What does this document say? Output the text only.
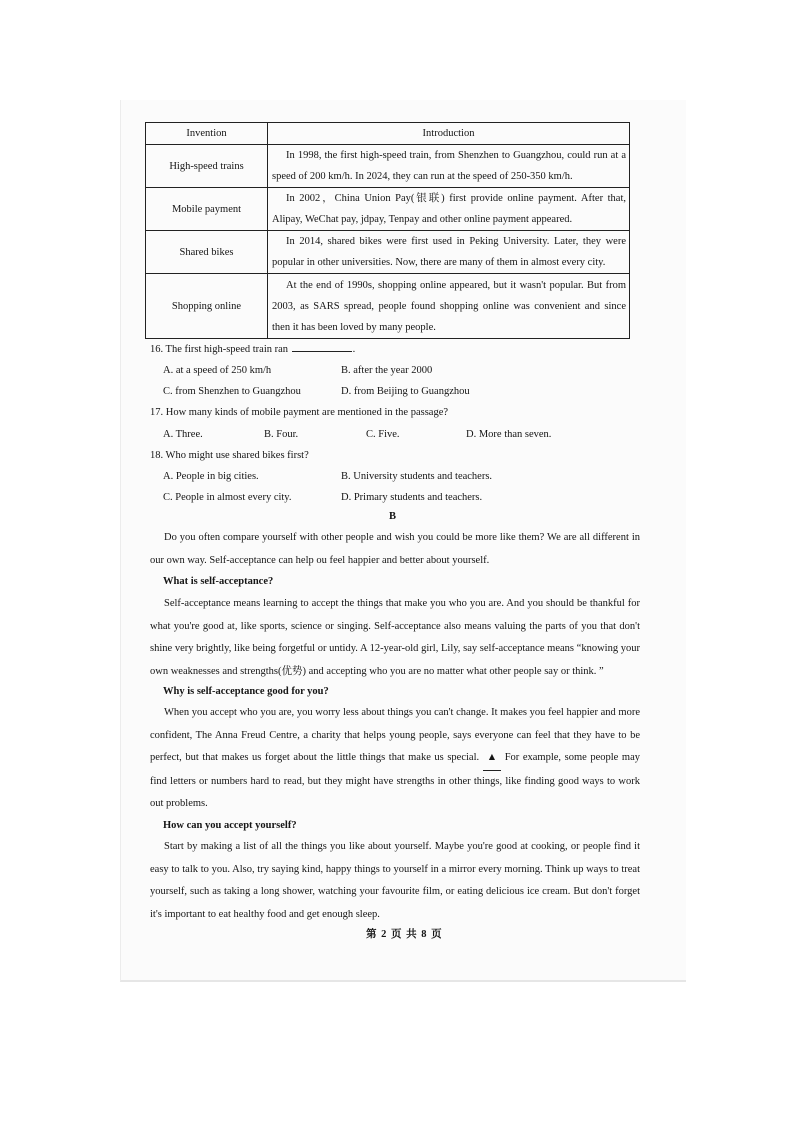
Invention	Introduction
High-speed trains	In 1998, the first high-speed train, from Shenzhen to Guangzhou, could run at a speed of 200 km/h. In 2024, they can run at the speed of 250-350 km/h.
Mobile payment	In 2002，China Union Pay(银联) first provide online payment. After that, Alipay, WeChat pay, jdpay, Tenpay and other online payment appeared.
Shared bikes	In 2014, shared bikes were first used in Peking University. Later, they were popular in other universities. Now, there are many of them in almost every city.
Shopping online	At the end of 1990s, shopping online appeared, but it wasn't popular. But from 2003, as SARS spread, people found shopping online was convenient and since then it has been loved by many people.
16. The first high-speed train ran	.
A. at a speed of 250 km/h	B. after the year 2000
C. from Shenzhen to Guangzhou	D. from Beijing to Guangzhou
17. How many kinds of mobile payment are mentioned in the passage?
A. Three.	B. Four.	C. Five.	D. More than seven.
18. Who might use shared bikes first?
A. People in big cities.	B. University students and teachers.
C. People in almost every city.	D. Primary students and teachers.
B
Do you often compare yourself with other people and wish you could be more like them? We are all different in our own way. Self-acceptance can help ou feel happier and better about yourself.
What is self-acceptance?
Self-acceptance means learning to accept the things that make you who you are. And you should be thankful for what you're good at, like sports, science or singing. Self-acceptance also means valuing the parts of you that don't shine very brightly, like being forgetful or untidy. A 12-year-old girl, Lily, say self-acceptance means “knowing your own weaknesses and strengths(优势) and accepting who you are no matter what other people say or think. ”
Why is self-acceptance good for you?
When you accept who you are, you worry less about things you can't change. It makes you feel happier and more confident, The Anna Freud Centre, a charity that helps young people, says everyone can feel that they have to be perfect, but that makes us forget about the little things that make us special. ▲ For example, some people may find letters or numbers hard to read, but they might have strengths in other things, like finding good ways to work out problems.
How can you accept yourself?
Start by making a list of all the things you like about yourself. Maybe you're good at cooking, or people find it easy to talk to you. Also, try saying kind, happy things to yourself in a mirror every morning. Think up ways to treat yourself, such as taking a long shower, watching your favourite film, or eating delicious ice cream. But don't forget it's important to eat healthy food and get enough sleep.
第 2 页 共 8 页
